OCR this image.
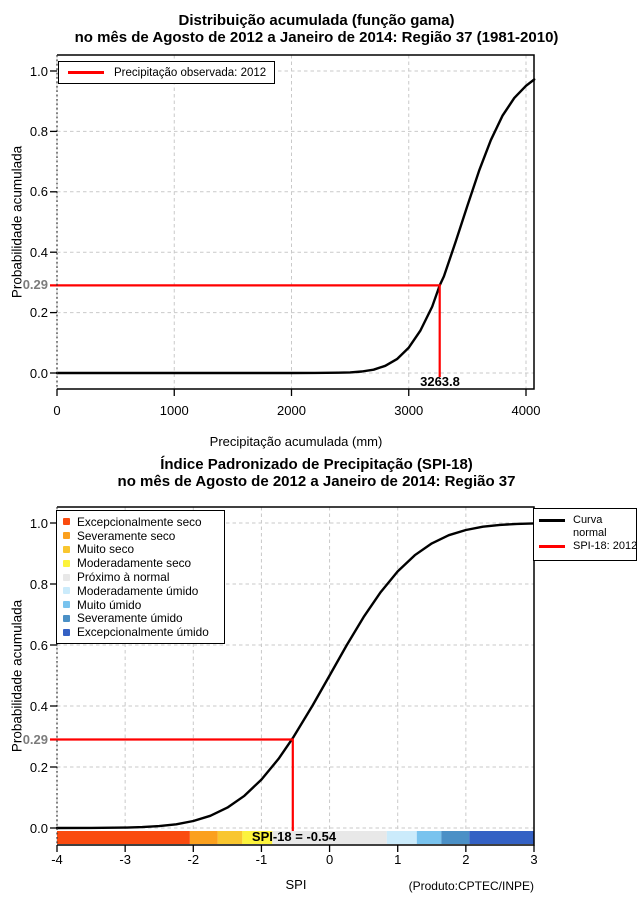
Distribuição acumulada (função gama)
no mês de Agosto de 2012 a Janeiro de 2014: Região 37 (1981-2010)
Probabilidade acumulada
Precipitação acumulada (mm)
0	1000	2000	3000	4000
0.0
0.2
0.4
0.6
0.8
1.0
0.29
3263.8
Precipitação observada: 2012
Índice Padronizado de Precipitação (SPI-18)
no mês de Agosto de 2012 a Janeiro de 2014: Região 37
Probabilidade acumulada
SPI
-4	-3	-2	-1	0	1	2	3
0.0
0.2
0.4
0.6
0.8
1.0
0.29
SPI-18 = -0.54
(Produto:CPTEC/INPE)
Excepcionalmente seco
Severamente seco
Muito seco
Moderadamente seco
Próximo à normal
Moderadamente úmido
Muito úmido
Severamente úmido
Excepcionalmente úmido
Curva normal
SPI-18: 2012
